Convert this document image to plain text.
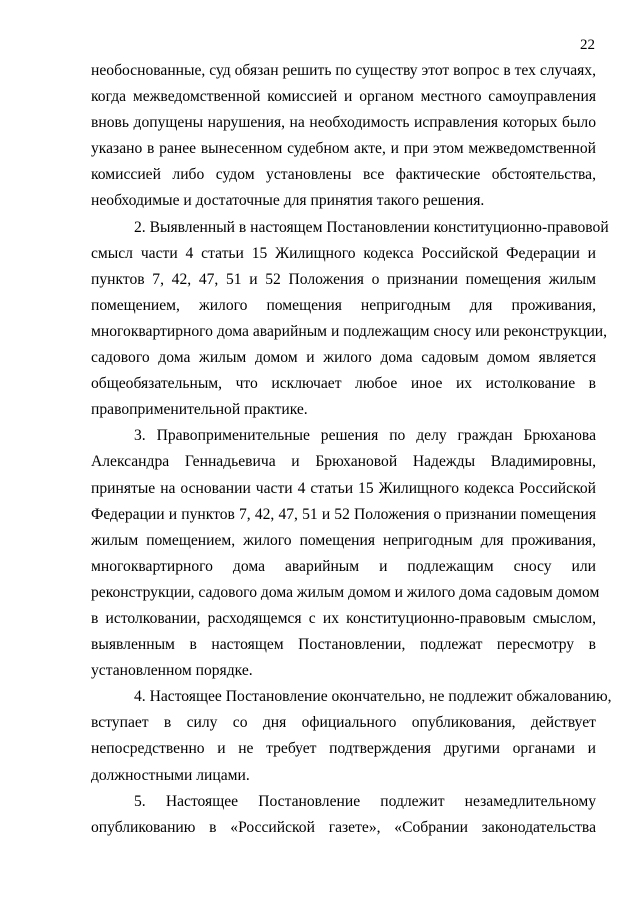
22
необоснованные, суд обязан решить по существу этот вопрос в тех случаях,
когда межведомственной комиссией и органом местного самоуправления
вновь допущены нарушения, на необходимость исправления которых было
указано в ранее вынесенном судебном акте, и при этом межведомственной
комиссией либо судом установлены все фактические обстоятельства,
необходимые и достаточные для принятия такого решения.
2. Выявленный в настоящем Постановлении конституционно-правовой
смысл части 4 статьи 15 Жилищного кодекса Российской Федерации и
пунктов 7, 42, 47, 51 и 52 Положения о признании помещения жилым
помещением, жилого помещения непригодным для проживания,
многоквартирного дома аварийным и подлежащим сносу или реконструкции,
садового дома жилым домом и жилого дома садовым домом является
общеобязательным, что исключает любое иное их истолкование в
правоприменительной практике.
3. Правоприменительные решения по делу граждан Брюханова
Александра Геннадьевича и Брюхановой Надежды Владимировны,
принятые на основании части 4 статьи 15 Жилищного кодекса Российской
Федерации и пунктов 7, 42, 47, 51 и 52 Положения о признании помещения
жилым помещением, жилого помещения непригодным для проживания,
многоквартирного дома аварийным и подлежащим сносу или
реконструкции, садового дома жилым домом и жилого дома садовым домом
в истолковании, расходящемся с их конституционно-правовым смыслом,
выявленным в настоящем Постановлении, подлежат пересмотру в
установленном порядке.
4. Настоящее Постановление окончательно, не подлежит обжалованию,
вступает в силу со дня официального опубликования, действует
непосредственно и не требует подтверждения другими органами и
должностными лицами.
5. Настоящее Постановление подлежит незамедлительному
опубликованию в «Российской газете», «Собрании законодательства
